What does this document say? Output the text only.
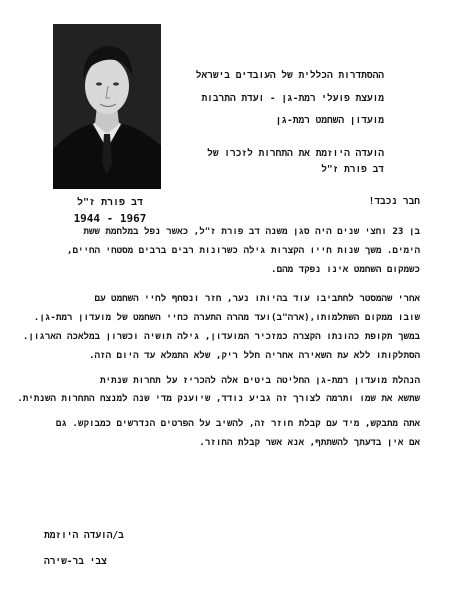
דב פורת ז"ל
1944 - 1967
ההסתדרות הכללית של העובדים בישראל
מועצת פועלי רמת-גן - ועדת התרבות
מועדון השחמט רמת-גן
הועדה היוזמת את התחרות לזכרו של
דב פורת ז"ל
חבר נכבד!
בן 23 וחצי שנים היה סגן משנה דב פורת ז"ל, כאשר נפל במלחמת ששת
הימים. משך שנות חייו הקצרות גילה כשרונות רבים ברבים מסטחי החיים,
כשמקום השחמט אינו נפקד מהם.
אחרי שהמסטר לחתביבו עוד בהיותו נער, חזר ונסחף לחיי השחמט עם
שובו ממקום השתלמותו,(ארה"ב)ועד מהרה התערה כחיי השחמט של מועדון רמת-גן.
במשך תקופת כהונתו הקצרה כמזכיר המועדון, גילה תושיה וכשרון במלאכה הארגון.
הסתלקותו ללא עת השאירה אחריה חלל ריק, שלא התמלא עד היום הזה.
הנהלת מועדון רמת-גן החליטה ביטים אלה להכריז על תחרות שנתית
שתשא את שמו ותרמה לצורך זה גביע נודד, שיוענק מדי שנה למנצח התחרות השנתית.
אתה מתבקש, מיד עם קבלת חוזר זה, להשיב על הפרטים הנדרשים כמבוקש. גם
אם אין בדעתך להשתתף, אנא אשר קבלת החוזר.
ב/הועדה היוזמת
צבי בר-שירה
